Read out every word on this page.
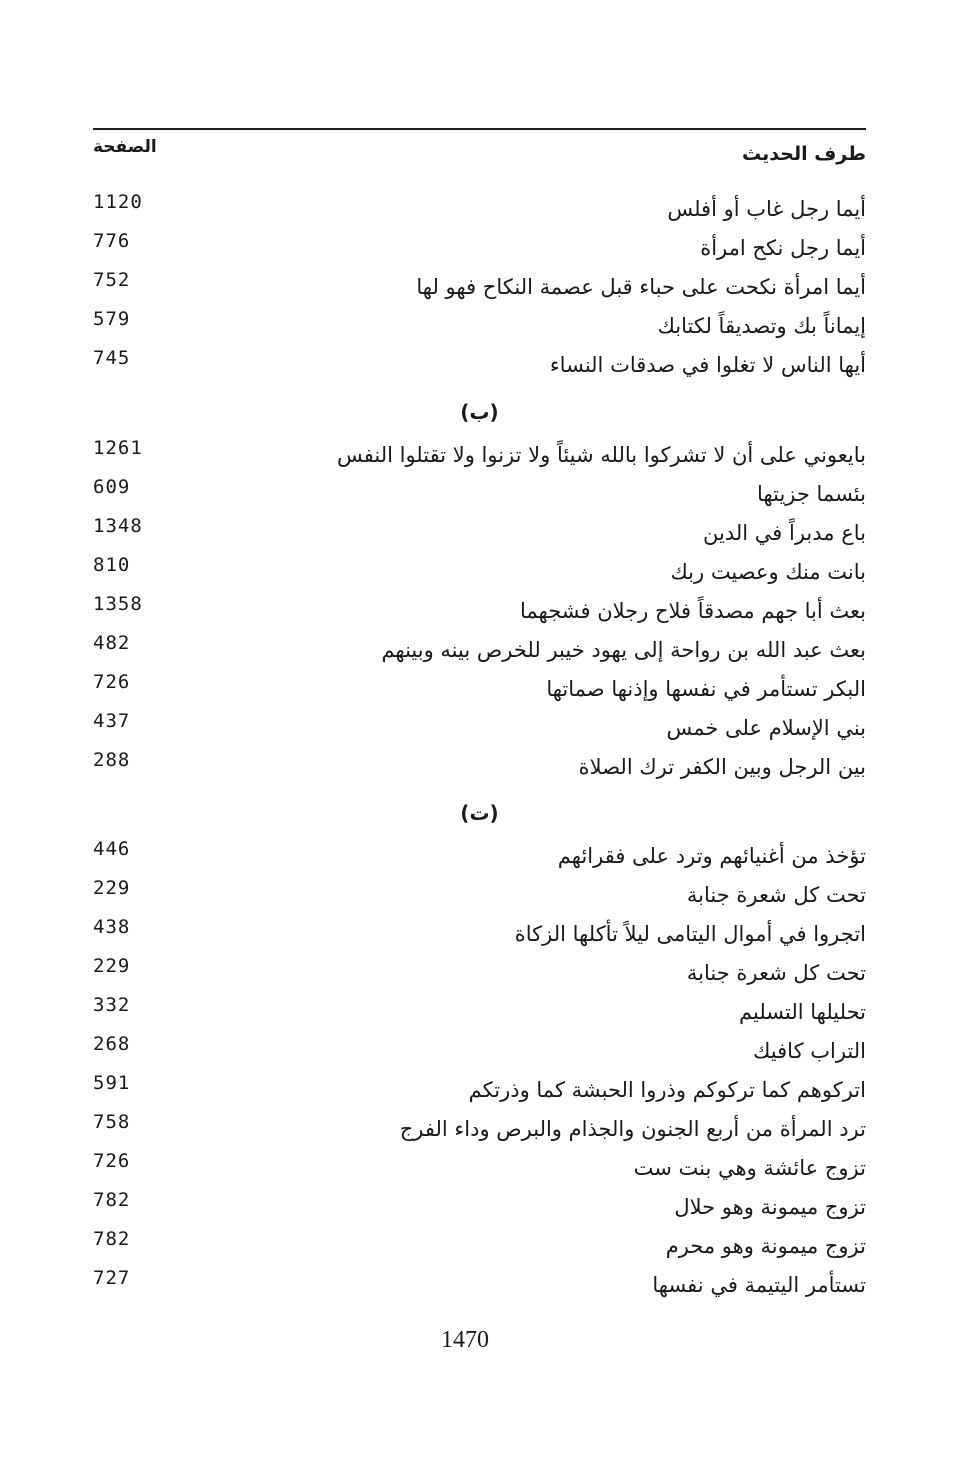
الصفحة	طرف الحديث
1120	أيما رجل غاب أو أفلس
776	أيما رجل نكح امرأة
752	أيما امرأة نكحت على حباء قبل عصمة النكاح فهو لها
579	إيماناً بك وتصديقاً لكتابك
745	أيها الناس لا تغلوا في صدقات النساء
(ب)
1261	بايعوني على أن لا تشركوا بالله شيئاً ولا تزنوا ولا تقتلوا النفس
609	بئسما جزيتها
1348	باع مدبراً في الدين
810	بانت منك وعصيت ربك
1358	بعث أبا جهم مصدقاً فلاح رجلان فشجهما
482	بعث عبد الله بن رواحة إلى يهود خيبر للخرص بينه وبينهم
726	البكر تستأمر في نفسها وإذنها صماتها
437	بني الإسلام على خمس
288	بين الرجل وبين الكفر ترك الصلاة
(ت)
446	تؤخذ من أغنيائهم وترد على فقرائهم
229	تحت كل شعرة جنابة
438	اتجروا في أموال اليتامى ليلاً تأكلها الزكاة
229	تحت كل شعرة جنابة
332	تحليلها التسليم
268	التراب كافيك
591	اتركوهم كما تركوكم وذروا الحبشة كما وذرتكم
758	ترد المرأة من أربع الجنون والجذام والبرص وداء الفرج
726	تزوج عائشة وهي بنت ست
782	تزوج ميمونة وهو حلال
782	تزوج ميمونة وهو محرم
727	تستأمر اليتيمة في نفسها
1470
